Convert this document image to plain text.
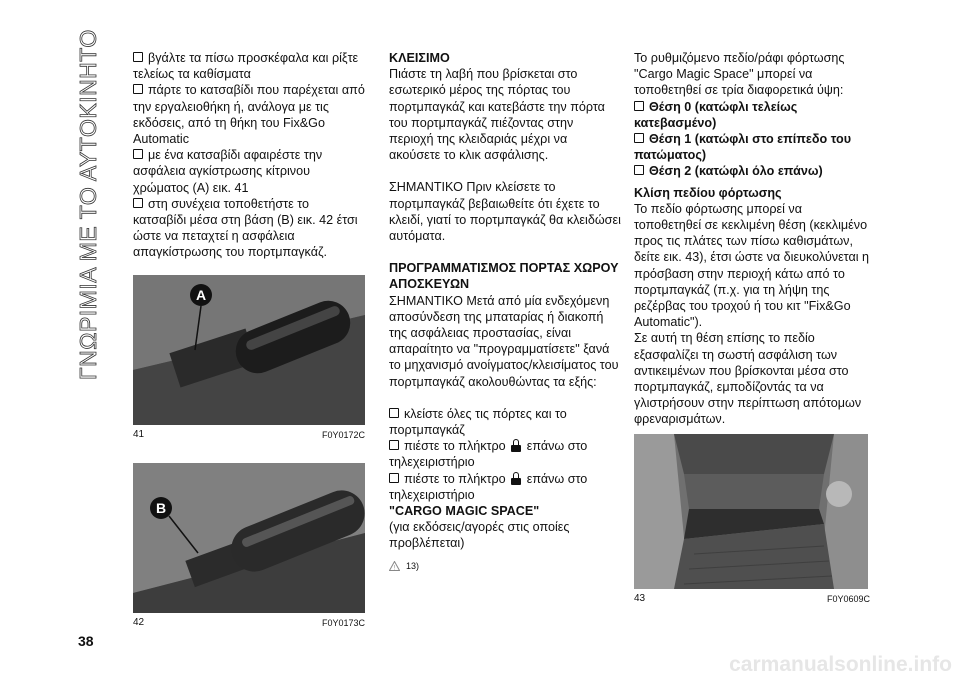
ΓΝΩΡΙΜΙΑ ΜΕ ΤΟ ΑΥΤΟΚΙΝΗΤΟ	βγάλτε τα πίσω προσκέφαλα και ρίξτε τελείως τα καθίσματα

πάρτε το κατσαβίδι που παρέχεται από την εργαλειοθήκη ή, ανάλογα με τις εκδόσεις, από τη θήκη του Fix&Go Automatic

με ένα κατσαβίδι αφαιρέστε την ασφάλεια αγκίστρωσης κίτρινου χρώματος (A) εικ. 41

στη συνέχεια τοποθετήστε το κατσαβίδι μέσα στη βάση (B) εικ. 42 έτσι ώστε να πεταχτεί η ασφάλεια απαγκίστρωσης του πορτμπαγκάζ.

A
41	F0Y0172C
B
42	F0Y0173C

ΚΛΕΙΣΙΜΟ

Πιάστε τη λαβή που βρίσκεται στο εσωτερικό μέρος της πόρτας του πορτμπαγκάζ και κατεβάστε την πόρτα του πορτμπαγκάζ πιέζοντας στην περιοχή της κλειδαριάς μέχρι να ακούσετε το κλικ ασφάλισης.

ΣΗΜΑΝΤΙΚΟ Πριν κλείσετε το πορτμπαγκάζ βεβαιωθείτε ότι έχετε το κλειδί, γιατί το πορτμπαγκάζ θα κλειδώσει αυτόματα.

ΠΡΟΓΡΑΜΜΑΤΙΣΜΟΣ ΠΟΡΤΑΣ ΧΩΡΟΥ ΑΠΟΣΚΕΥΩΝ

ΣΗΜΑΝΤΙΚΟ Μετά από μία ενδεχόμενη αποσύνδεση της μπαταρίας ή διακοπή της ασφάλειας προστασίας, είναι απαραίτητο να "προγραμματίσετε" ξανά το μηχανισμό ανοίγματος/κλεισίματος του πορτμπαγκάζ ακολουθώντας τα εξής:

κλείστε όλες τις πόρτες και το πορτμπαγκάζ

πιέστε το πλήκτρο επάνω στο τηλεχειριστήριο

πιέστε το πλήκτρο επάνω στο τηλεχειριστήριο

"CARGO MAGIC SPACE"

(για εκδόσεις/αγορές στις οποίες προβλέπεται)

! 13)

Το ρυθμιζόμενο πεδίο/ράφι φόρτωσης "Cargo Magic Space" μπορεί να τοποθετηθεί σε τρία διαφορετικά ύψη:

Θέση 0 (κατώφλι τελείως κατεβασμένο)

Θέση 1 (κατώφλι στο επίπεδο του πατώματος)

Θέση 2 (κατώφλι όλο επάνω)

Κλίση πεδίου φόρτωσης

Το πεδίο φόρτωσης μπορεί να τοποθετηθεί σε κεκλιμένη θέση (κεκλιμένο προς τις πλάτες των πίσω καθισμάτων, δείτε εικ. 43), έτσι ώστε να διευκολύνεται η πρόσβαση στην περιοχή κάτω από το πορτμπαγκάζ (π.χ. για τη λήψη της ρεζέρβας του τροχού ή του κιτ "Fix&Go Automatic").

Σε αυτή τη θέση επίσης το πεδίο εξασφαλίζει τη σωστή ασφάλιση των αντικειμένων που βρίσκονται μέσα στο πορτμπαγκάζ, εμποδίζοντάς τα να γλιστρήσουν στην περίπτωση απότομων φρεναρισμάτων.

43	F0Y0609C
38
carmanualsonline.info
